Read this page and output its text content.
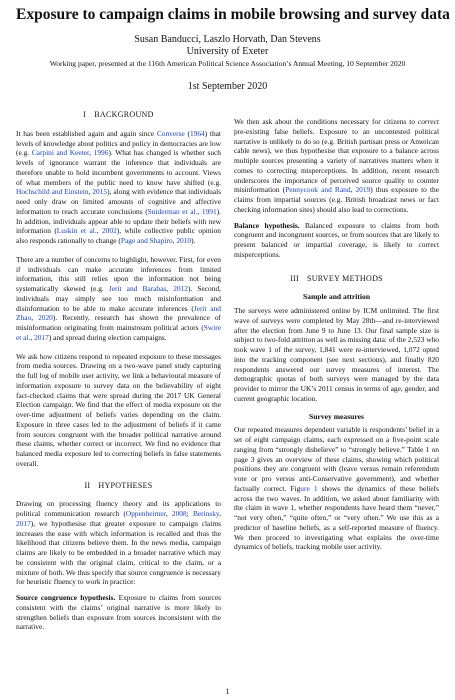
Exposure to campaign claims in mobile browsing and survey data
Susan Banducci, Laszlo Horvath, Dan Stevens
University of Exeter
Working paper, presented at the 116th American Political Science Association’s Annual Meeting, 10 September 2020
1st September 2020
I BACKGROUND

It has been established again and again since Converse (1964) that levels of knowledge about politics and policy in democracies are low (e.g. Carpini and Keeter, 1996). What has changed is whether such levels of ignorance warrant the inference that individuals are therefore unable to hold incumbent governments to account. Views of what members of the public need to know have shifted (e.g. Hochschild and Einstein, 2015), along with evidence that individuals need only draw on limited amounts of cognitive and affective information to reach accurate conclusions (Sniderman et al., 1991). In addition, individuals appear able to update their beliefs with new information (Luskin et al., 2002), while collective public opinion also responds rationally to change (Page and Shapiro, 2010).

There are a number of concerns to highlight, however. First, for even if individuals can make accurate inferences from limited information, this still relies upon the information not being systematically skewed (e.g. Jerit and Barabas, 2012). Second, individuals may simply see too much misinformation and disinformation to be able to make accurate inferences (Jerit and Zhao, 2020). Recently, research has shown the prevalence of misinformation originating from mainstream political actors (Swire et al., 2017) and spread during election campaigns.

We ask how citizens respond to repeated exposure to these messages from media sources. Drawing on a two-wave panel study capturing the full log of mobile user activity, we link a behavioural measure of information exposure to survey data on the believability of eight fact-checked claims that were spread during the 2017 UK General Election campaign. We find that the effect of media exposure on the over-time adjustment of beliefs varies depending on the claim. Exposure in three cases led to the adjustment of beliefs if it came from sources congruent with the broader political narrative around these claims, whether correct or incorrect. We find no evidence that balanced media exposure led to correcting beliefs in false statements overall.

II HYPOTHESES

Drawing on processing fluency theory and its applications to political communication research (Oppenheimer, 2008; Berinsky, 2017), we hypothesise that greater exposure to campaign claims increases the ease with which information is recalled and thus the likelihood that citizens believe them. In the news media, campaign claims are likely to be embedded in a broader narrative which may be consistent with the original claim, critical to the claim, or a mixture of both. We thus specify that source congruence is necessary for heuristic fluency to work in practice:

Source congruence hypothesis. Exposure to claims from sources consistent with the claims’ original narrative is more likely to strengthen beliefs than exposure from sources inconsistent with the narrative.

We then ask about the conditions necessary for citizens to correct pre-existing false beliefs. Exposure to an uncontested political narrative is unlikely to do so (e.g. British partisan press or American cable news), we thus hypothesise that exposure to a balance across multiple sources presenting a variety of narratives matters when it comes to correcting misperceptions. In addition, recent research underscores the importance of perceived source quality to counter misinformation (Pennycook and Rand, 2019) thus exposure to the claims from impartial sources (e.g. British broadcast news or fact checking information sites) should also lead to corrections.

Balance hypothesis. Balanced exposure to claims from both congruent and incongruent sources, or from sources that are likely to present balanced or impartial coverage, is likely to correct misperceptions.

III SURVEY METHODS
Sample and attrition

The surveys were administered online by ICM unlimited. The first wave of surveys were completed by May 28th—and re-interviewed after the election from June 9 to June 13. Our final sample size is subject to two-fold attrition as well as missing data: of the 2,523 who took wave 1 of the survey, 1,841 were re-interviewed, 1,072 opted into the tracking component (see next sections), and finally 820 respondents answered our survey measures of interest. The demographic quotas of both surveys were managed by the data provider to mirror the UK’s 2011 census in terms of age, gender, and current geographic location.

Survey measures

Our repeated measures dependent variable is respondents’ belief in a set of eight campaign claims, each expressed on a five-point scale ranging from “strongly disbelieve” to “strongly believe.” Table 1 on page 3 gives an overview of these claims, showing which political positions they are congruent with (leave versus remain referendum vote or pro versus anti-Conservative government), and whether factually correct. Figure 1 shows the dynamics of these beliefs across the two waves. In addition, we asked about familiarity with the claim in wave 1, whether respondents have heard them “never,” “not very often,” “quite often,” or “very often.” We use this as a predictor of baseline beliefs, as a self-reported measure of fluency. We then proceed to investigating what explains the over-time dynamics of beliefs, tracking mobile user activity.

1
